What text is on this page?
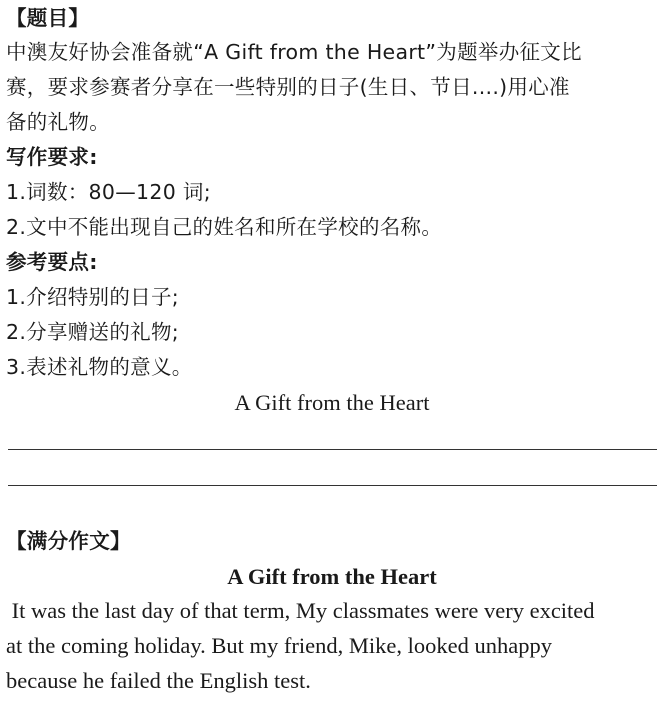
【题目】
中澳友好协会准备就“A Gift from the Heart”为题举办征文比
赛，要求参赛者分享在一些特别的日子(生日、节日....)用心准
备的礼物。
写作要求:
1.词数：80—120 词;
2.文中不能出现自己的姓名和所在学校的名称。
参考要点:
1.介绍特别的日子;
2.分享赠送的礼物;
3.表述礼物的意义。
A Gift from the Heart
【满分作文】
A Gift from the Heart
It was the last day of that term, My classmates were very excited
at the coming holiday. But my friend, Mike, looked unhappy
because he failed the English test.
